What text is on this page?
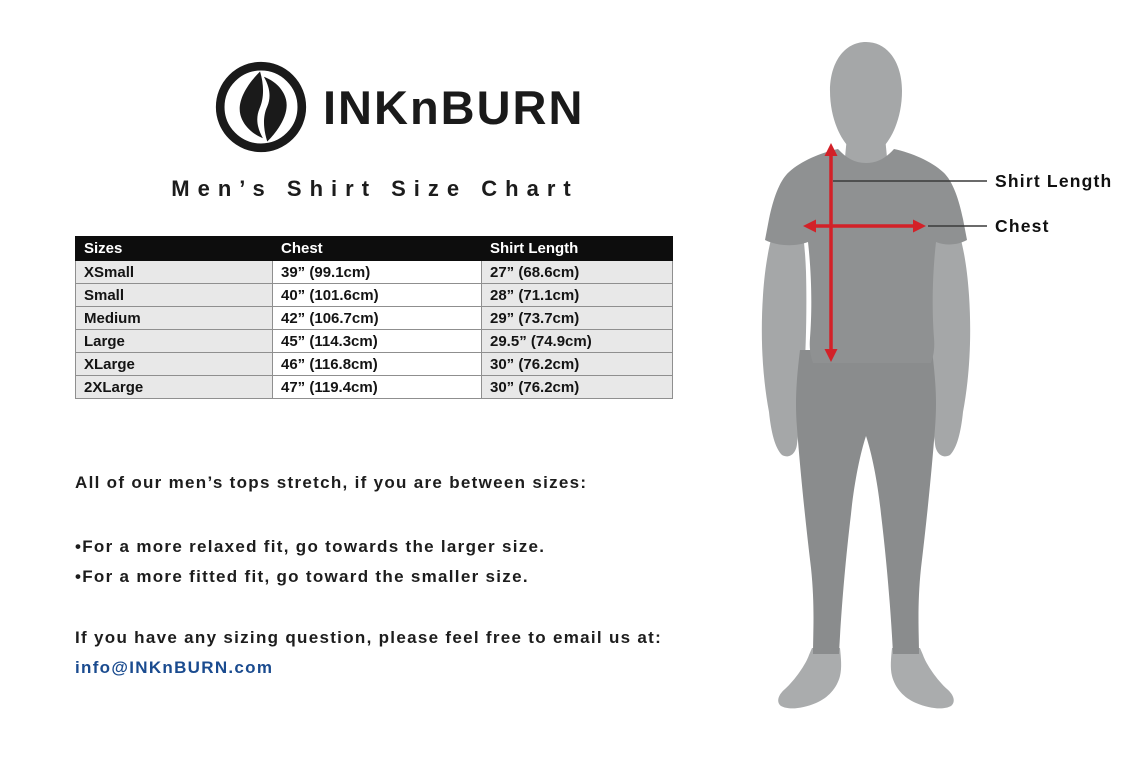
INKnBURN
Men’s Shirt Size Chart
Sizes	Chest	Shirt Length
XSmall	39” (99.1cm)	27” (68.6cm)
Small	40” (101.6cm)	28” (71.1cm)
Medium	42” (106.7cm)	29” (73.7cm)
Large	45” (114.3cm)	29.5” (74.9cm)
XLarge	46” (116.8cm)	30” (76.2cm)
2XLarge	47” (119.4cm)	30” (76.2cm)

All of our men’s tops stretch, if you are between sizes:

•For a more relaxed fit, go towards the larger size.

•For a more fitted fit, go toward the smaller size.

If you have any sizing question, please feel free to email us at:

info@INKnBURN.com
Shirt Length
Chest
